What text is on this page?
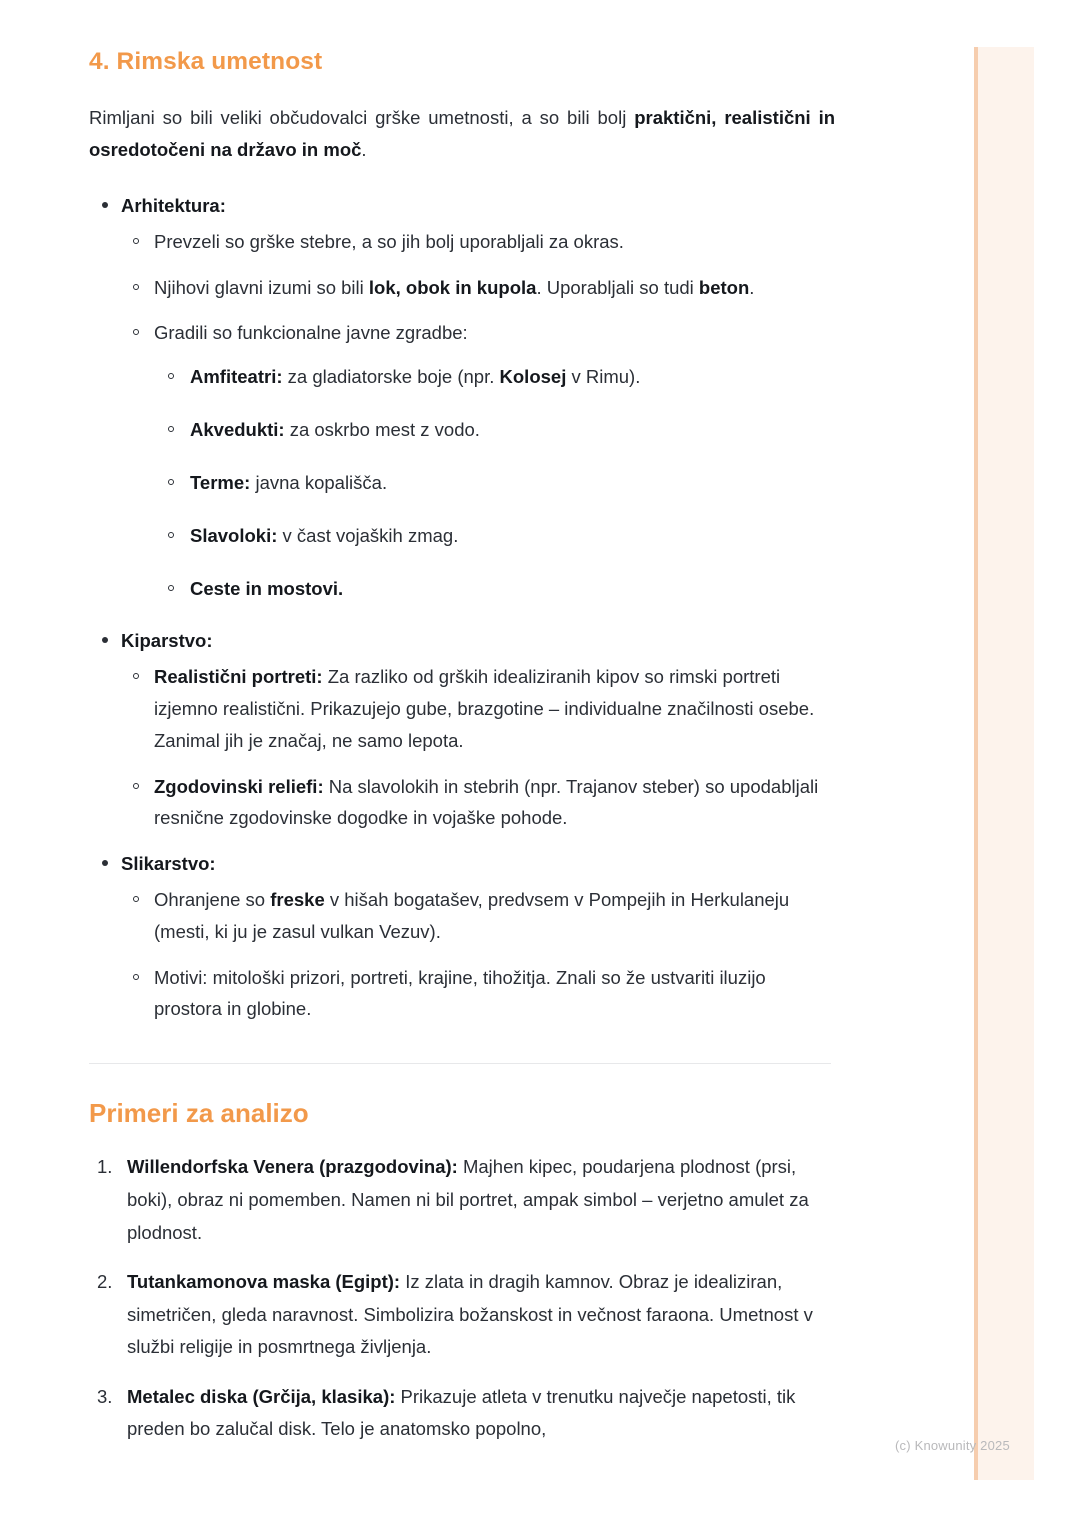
4. Rimska umetnost

Rimljani so bili veliki občudovalci grške umetnosti, a so bili bolj praktični, realistični in osredotočeni na državo in moč.

Arhitektura:
Prevzeli so grške stebre, a so jih bolj uporabljali za okras.
Njihovi glavni izumi so bili lok, obok in kupola. Uporabljali so tudi beton.
Gradili so funkcionalne javne zgradbe:
Amfiteatri: za gladiatorske boje (npr. Kolosej v Rimu).
Akvedukti: za oskrbo mest z vodo.
Terme: javna kopališča.
Slavoloki: v čast vojaških zmag.
Ceste in mostovi.
Kiparstvo:
Realistični portreti: Za razliko od grških idealiziranih kipov so rimski portreti izjemno realistični. Prikazujejo gube, brazgotine – individualne značilnosti osebe. Zanimal jih je značaj, ne samo lepota.
Zgodovinski reliefi: Na slavolokih in stebrih (npr. Trajanov steber) so upodabljali resnične zgodovinske dogodke in vojaške pohode.
Slikarstvo:
Ohranjene so freske v hišah bogatašev, predvsem v Pompejih in Herkulaneju (mesti, ki ju je zasul vulkan Vezuv).
Motivi: mitološki prizori, portreti, krajine, tihožitja. Znali so že ustvariti iluzijo prostora in globine.
Primeri za analizo
Willendorfska Venera (prazgodovina): Majhen kipec, poudarjena plodnost (prsi, boki), obraz ni pomemben. Namen ni bil portret, ampak simbol – verjetno amulet za plodnost.
Tutankamonova maska (Egipt): Iz zlata in dragih kamnov. Obraz je idealiziran, simetričen, gleda naravnost. Simbolizira božanskost in večnost faraona. Umetnost v službi religije in posmrtnega življenja.
Metalec diska (Grčija, klasika): Prikazuje atleta v trenutku največje napetosti, tik preden bo zalučal disk. Telo je anatomsko popolno,
(c) Knowunity 2025
